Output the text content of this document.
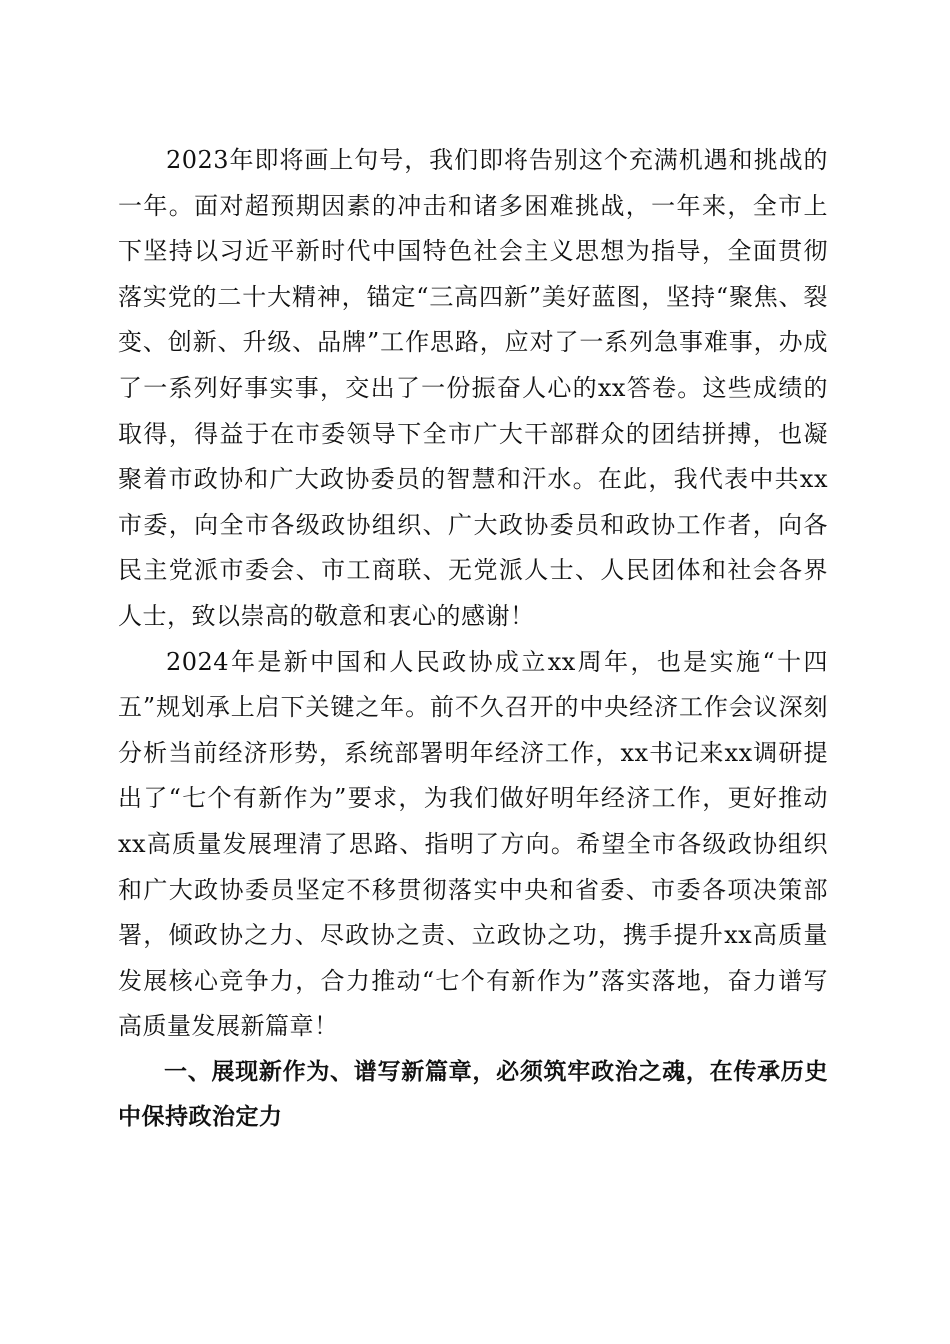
2023年即将画上句号，我们即将告别这个充满机遇和挑战的一年。面对超预期因素的冲击和诸多困难挑战，一年来，全市上下坚持以习近平新时代中国特色社会主义思想为指导，全面贯彻落实党的二十大精神，锚定“三高四新”美好蓝图，坚持“聚焦、裂变、创新、升级、品牌”工作思路，应对了一系列急事难事，办成了一系列好事实事，交出了一份振奋人心的xx答卷。这些成绩的取得，得益于在市委领导下全市广大干部群众的团结拼搏，也凝聚着市政协和广大政协委员的智慧和汗水。在此，我代表中共xx市委，向全市各级政协组织、广大政协委员和政协工作者，向各民主党派市委会、市工商联、无党派人士、人民团体和社会各界人士，致以崇高的敬意和衷心的感谢！

2024年是新中国和人民政协成立xx周年，也是实施“十四五”规划承上启下关键之年。前不久召开的中央经济工作会议深刻分析当前经济形势，系统部署明年经济工作，xx书记来xx调研提出了“七个有新作为”要求，为我们做好明年经济工作，更好推动xx高质量发展理清了思路、指明了方向。希望全市各级政协组织和广大政协委员坚定不移贯彻落实中央和省委、市委各项决策部署，倾政协之力、尽政协之责、立政协之功，携手提升xx高质量发展核心竞争力，合力推动“七个有新作为”落实落地，奋力谱写高质量发展新篇章！

一、展现新作为、谱写新篇章，必须筑牢政治之魂，在传承历史中保持政治定力
